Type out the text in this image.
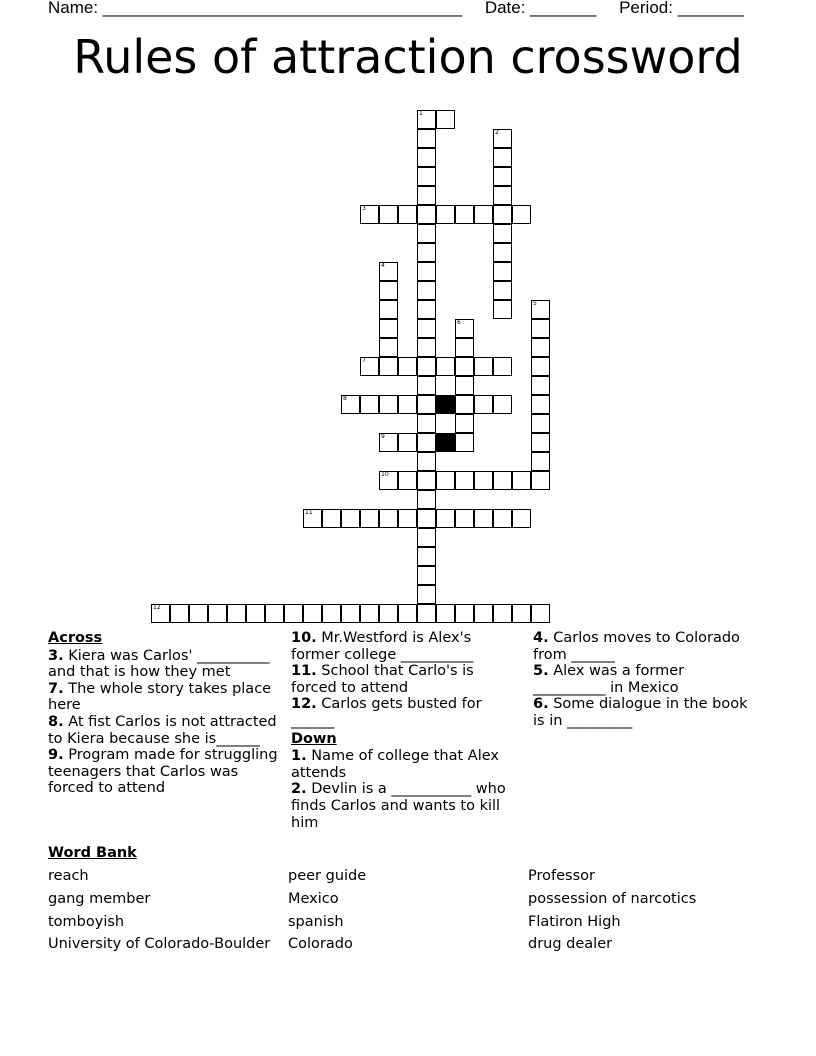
Name: ______________________________________ Date: _______ Period: _______
Rules of attraction crossword
1
2
3
4
5
6
7
8
9
10
11
12
Across

3. Kiera was Carlos' __________ and that is how they met

7. The whole story takes place here

8. At fist Carlos is not attracted to Kiera because she is______

9. Program made for struggling teenagers that Carlos was forced to attend

10. Mr.Westford is Alex's former college __________

11. School that Carlo's is forced to attend

12. Carlos gets busted for ______

Down

1. Name of college that Alex attends

2. Devlin is a ___________ who finds Carlos and wants to kill him

4. Carlos moves to Colorado from ______

5. Alex was a former __________ in Mexico

6. Some dialogue in the book is in _________

Word Bank
reach
gang member
tomboyish
University of Colorado-Boulder
peer guide
Mexico
spanish
Colorado
Professor
possession of narcotics
Flatiron High
drug dealer
